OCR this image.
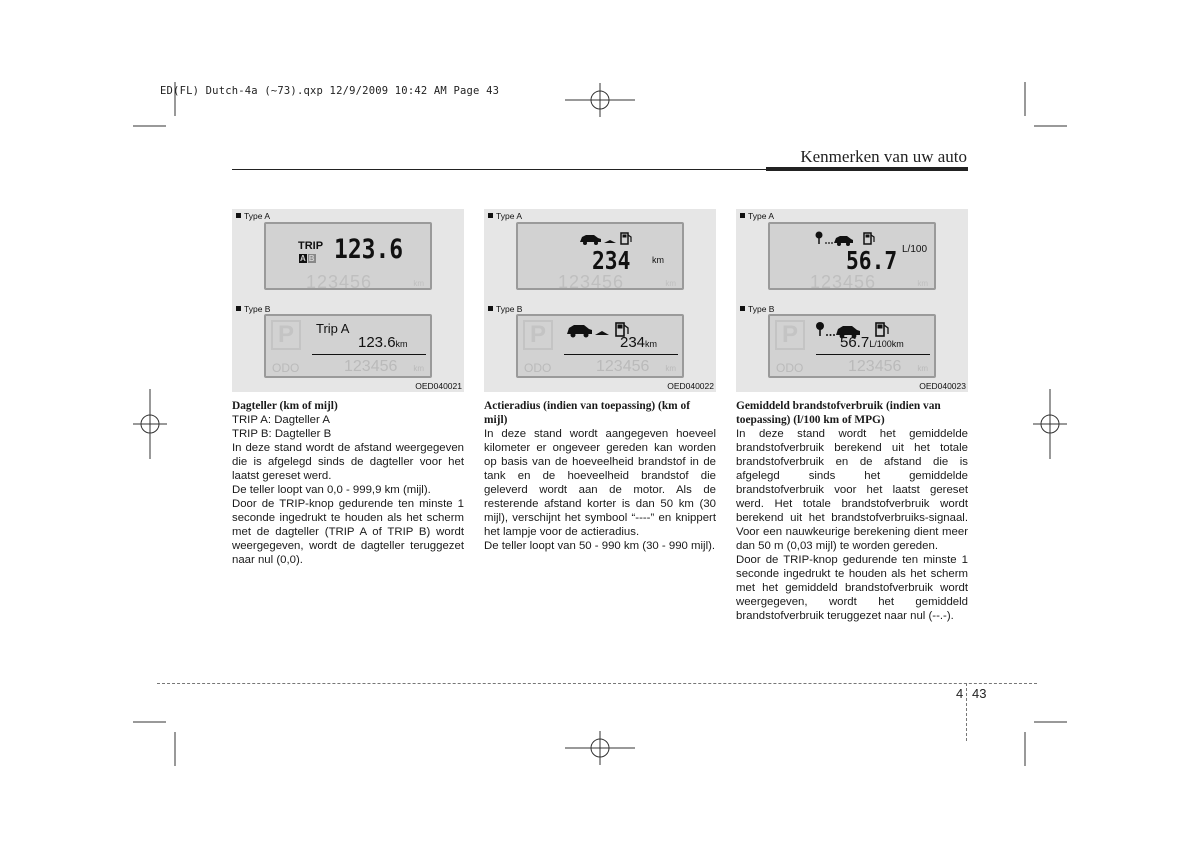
ED(FL) Dutch-4a (~73).qxp 12/9/2009 10:42 AM Page 43
Kenmerken van uw auto
Type A
TRIP
A B 123.6
123456	km
Type B
P	Trip A
123.6km
ODO	123456 km
OED040021
Dagteller (km of mijl)
TRIP A: Dagteller A
TRIP B: Dagteller B

In deze stand wordt de afstand weergegeven die is afgelegd sinds de dagteller voor het laatst gereset werd.

De teller loopt van 0,0 - 999,9 km (mijl).

Door de TRIP-knop gedurende ten minste 1 seconde ingedrukt te houden als het scherm met de dagteller (TRIP A of TRIP B) wordt weergegeven, wordt de dagteller teruggezet naar nul (0,0).

Type A
234 km
123456	km
Type B
P	234km
ODO	123456 km
OED040022
Actieradius (indien van toepassing) (km of mijl)

In deze stand wordt aangegeven hoeveel kilometer er ongeveer gereden kan worden op basis van de hoeveelheid brandstof in de tank en de hoeveelheid brandstof die geleverd wordt aan de motor. Als de resterende afstand korter is dan 50 km (30 mijl), verschijnt het symbool “----” en knippert het lampje voor de actieradius.

De teller loopt van 50 - 990 km (30 - 990 mijl).

Type A
56.7 L/100
123456	km
Type B
P	56.7L/100km
ODO	123456 km
OED040023
Gemiddeld brandstofverbruik (indien van toepassing) (l/100 km of MPG)

In deze stand wordt het gemiddelde brandstofverbruik berekend uit het totale brandstofverbruik en de afstand die is afgelegd sinds het gemiddelde brandstofverbruik voor het laatst gereset werd. Het totale brandstofverbruik wordt berekend uit het brandstofverbruiks-signaal. Voor een nauwkeurige berekening dient meer dan 50 m (0,03 mijl) te worden gereden.

Door de TRIP-knop gedurende ten minste 1 seconde ingedrukt te houden als het scherm met het gemiddeld brandstofverbruik wordt weergegeven, wordt het gemiddeld brandstofverbruik teruggezet naar nul (--.-).

4 43
